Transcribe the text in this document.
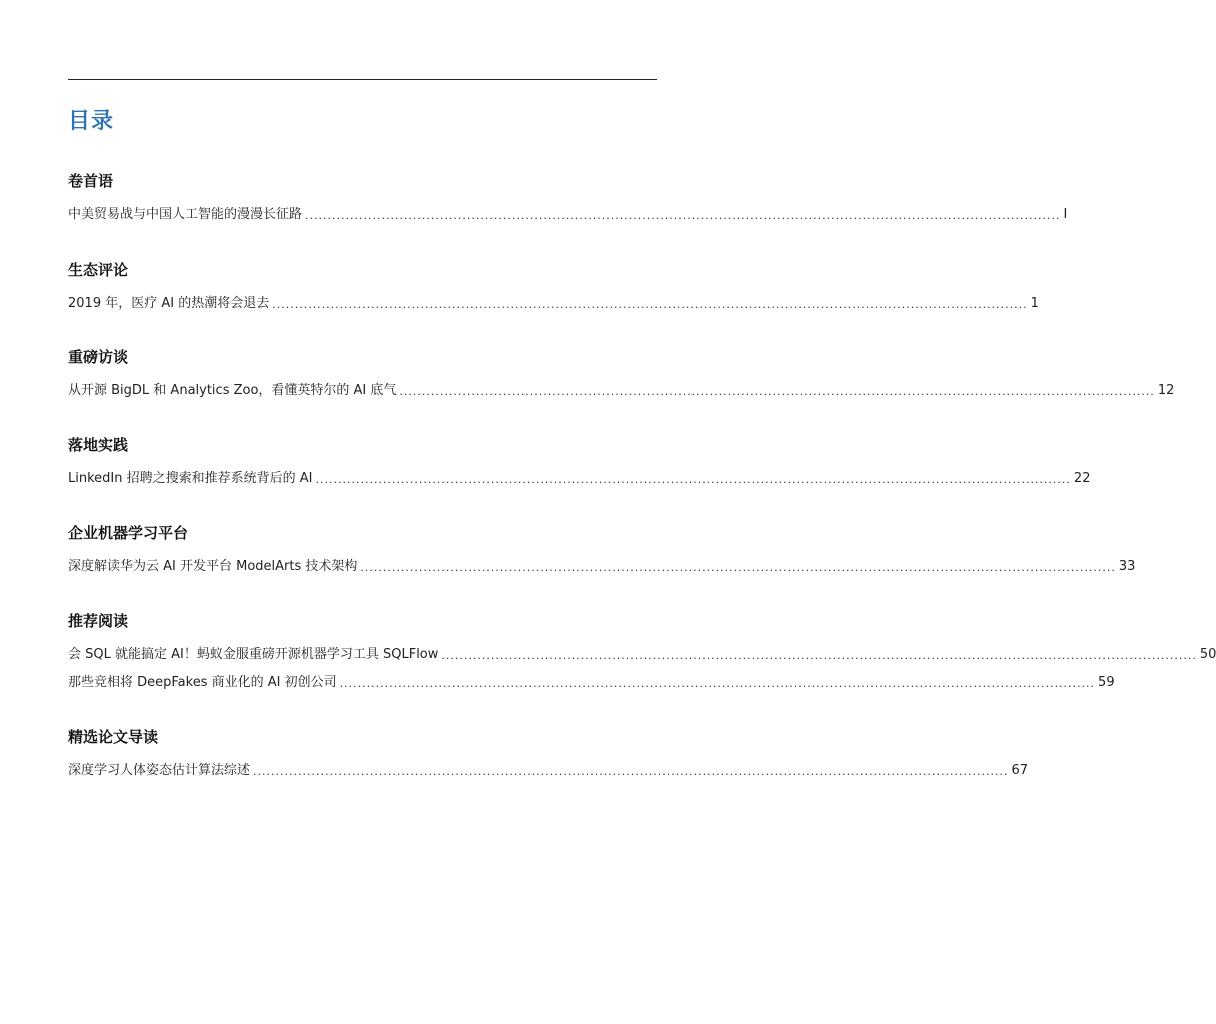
目录
卷首语
中美贸易战与中国人工智能的漫漫长征路 ........................................................................................................................................................................ I
生态评论
2019 年，医疗 AI 的热潮将会退去 ........................................................................................................................................................................ 1
重磅访谈
从开源 BigDL 和 Analytics Zoo，看懂英特尔的 AI 底气 ........................................................................................................................................................................ 12
落地实践
LinkedIn 招聘之搜索和推荐系统背后的 AI ........................................................................................................................................................................ 22
企业机器学习平台
深度解读华为云 AI 开发平台 ModelArts 技术架构 ........................................................................................................................................................................ 33
推荐阅读
会 SQL 就能搞定 AI！蚂蚁金服重磅开源机器学习工具 SQLFlow ........................................................................................................................................................................ 50
那些竞相将 DeepFakes 商业化的 AI 初创公司 ........................................................................................................................................................................ 59
精选论文导读
深度学习人体姿态估计算法综述 ........................................................................................................................................................................ 67
